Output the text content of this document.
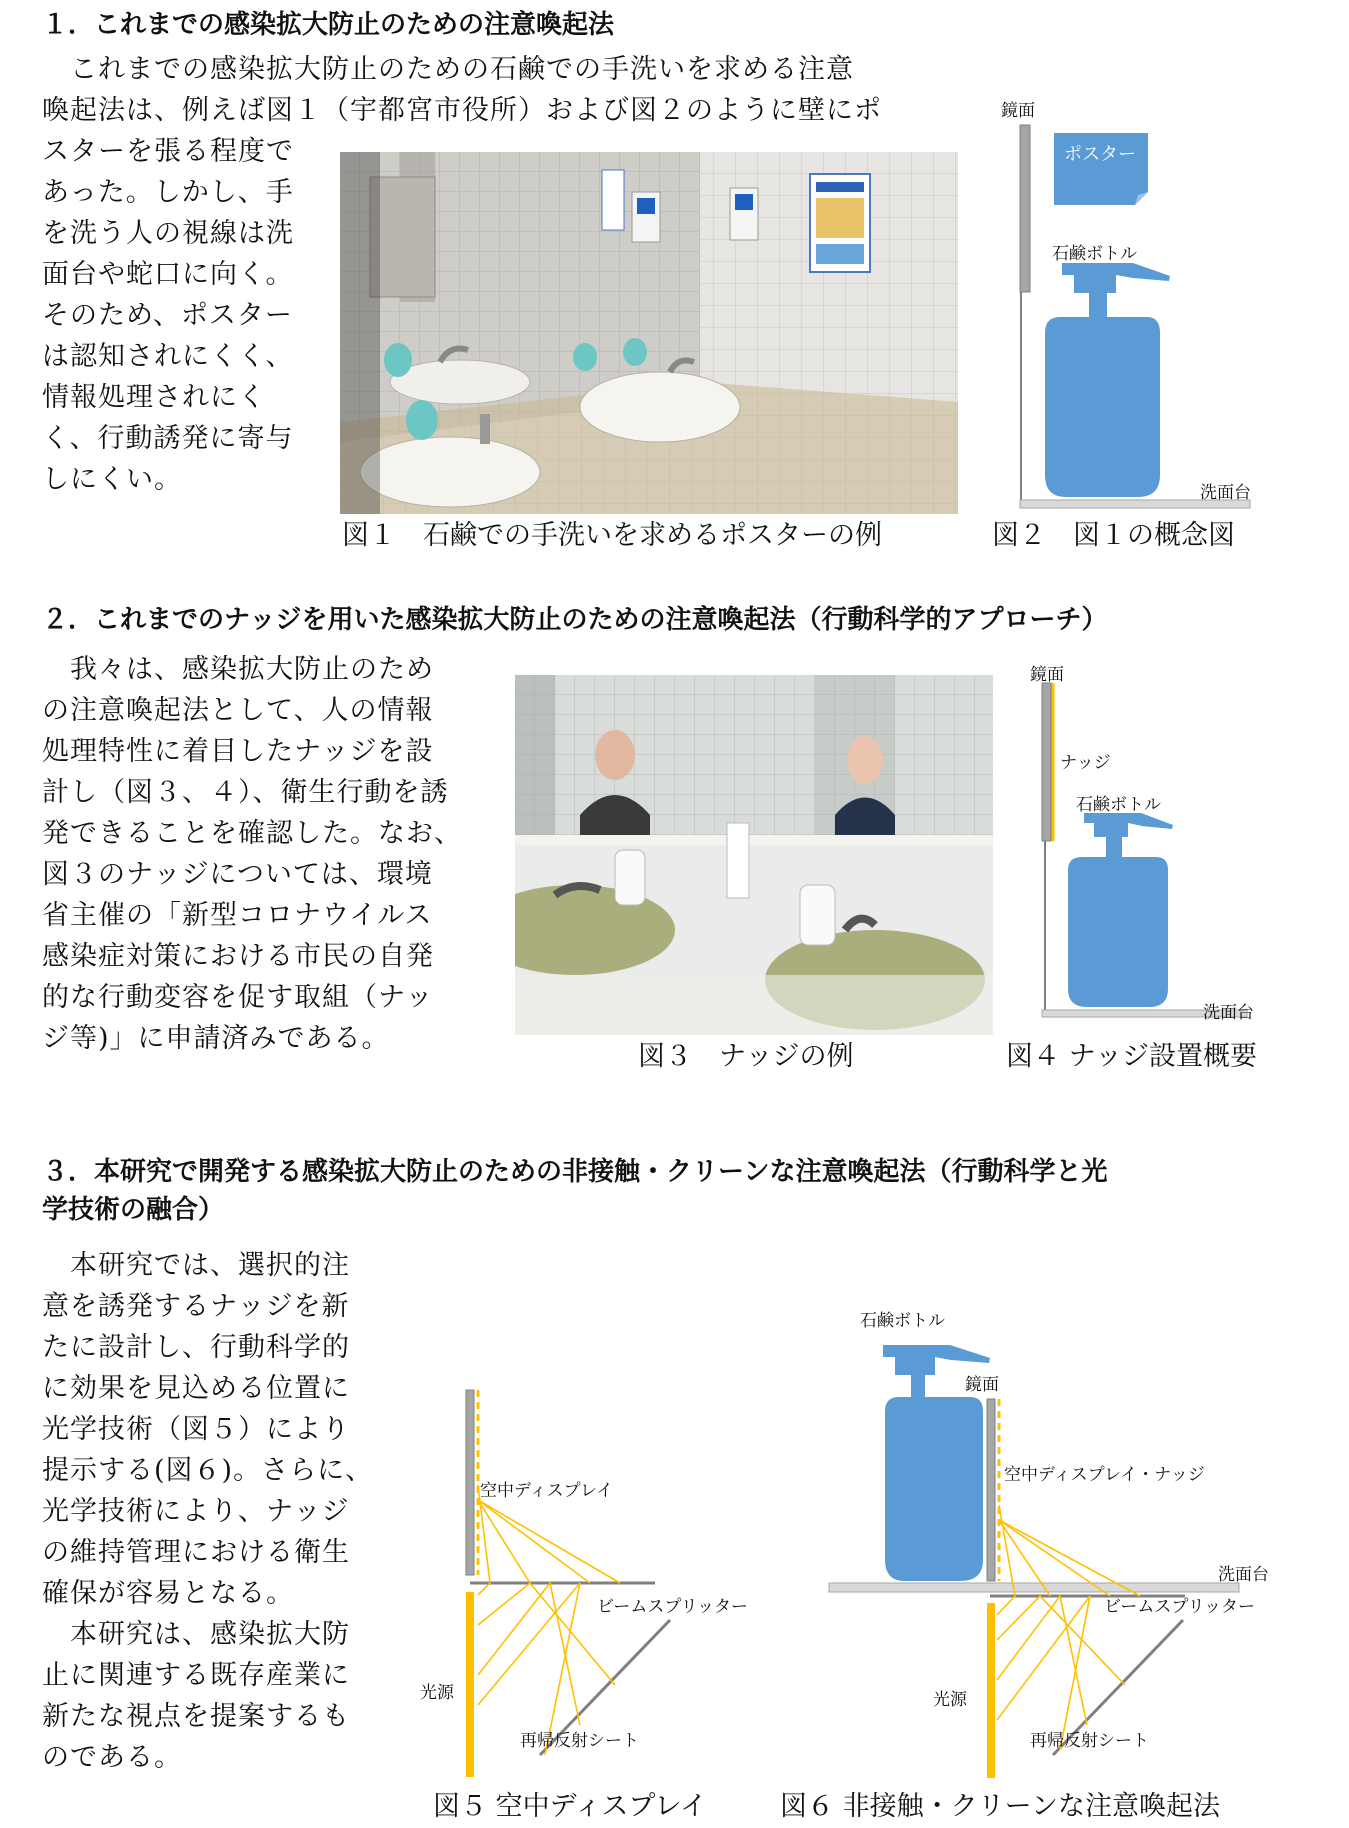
１．これまでの感染拡大防止のための注意喚起法
　これまでの感染拡大防止のための石鹸での手洗いを求める注意
喚起法は、例えば図１（宇都宮市役所）および図２のように壁にポ
スターを張る程度で
あった。しかし、手
を洗う人の視線は洗
面台や蛇口に向く。
そのため、ポスター
は認知されにくく、
情報処理されにく
く、行動誘発に寄与
しにくい。
図１　石鹸での手洗いを求めるポスターの例
鏡面
ポスター
石鹸ボトル
洗面台
図２　図１の概念図
２．これまでのナッジを用いた感染拡大防止のための注意喚起法（行動科学的アプローチ）
　我々は、感染拡大防止のため
の注意喚起法として、人の情報
処理特性に着目したナッジを設
計し（図３、４）、衛生行動を誘
発できることを確認した。なお、
図３のナッジについては、環境
省主催の「新型コロナウイルス
感染症対策における市民の自発
的な行動変容を促す取組（ナッ
ジ等)」に申請済みである。
図３　ナッジの例
鏡面
ナッジ
石鹸ボトル
洗面台
図４ ナッジ設置概要
３．本研究で開発する感染拡大防止のための非接触・クリーンな注意喚起法（行動科学と光
学技術の融合）
　本研究では、選択的注
意を誘発するナッジを新
たに設計し、行動科学的
に効果を見込める位置に
光学技術（図５）により
提示する(図６)。さらに、
光学技術により、ナッジ
の維持管理における衛生
確保が容易となる。
　本研究は、感染拡大防
止に関連する既存産業に
新たな視点を提案するも
のである。
空中ディスプレイ
ビームスプリッター
光源
再帰反射シート
図５ 空中ディスプレイ
石鹸ボトル
鏡面
空中ディスプレイ・ナッジ
洗面台
ビームスプリッター
光源
再帰反射シート
図６ 非接触・クリーンな注意喚起法
